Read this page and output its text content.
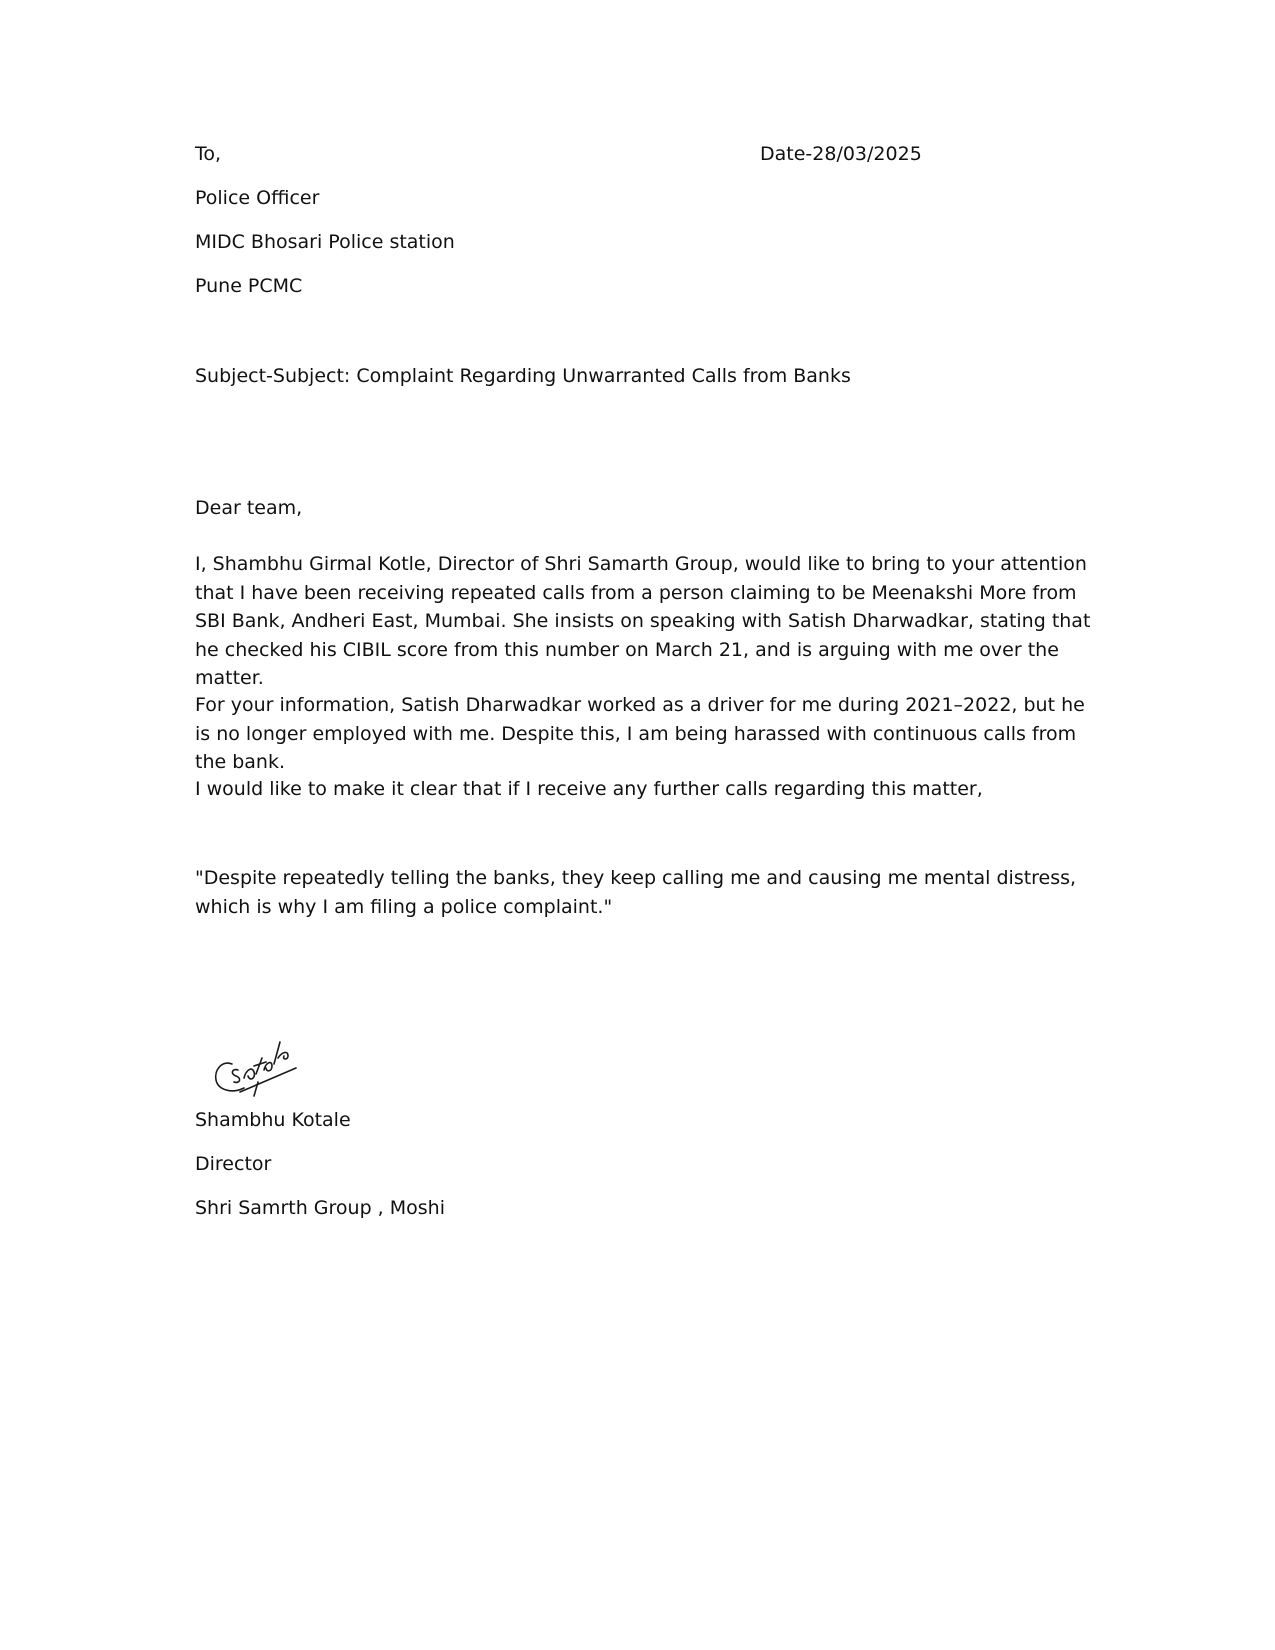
To,	Date-28/03/2025
Police Officer
MIDC Bhosari Police station
Pune PCMC
Subject-Subject: Complaint Regarding Unwarranted Calls from Banks
Dear team,
I, Shambhu Girmal Kotle, Director of Shri Samarth Group, would like to bring to your attention that I have been receiving repeated calls from a person claiming to be Meenakshi More from SBI Bank, Andheri East, Mumbai. She insists on speaking with Satish Dharwadkar, stating that he checked his CIBIL score from this number on March 21, and is arguing with me over the matter.
For your information, Satish Dharwadkar worked as a driver for me during 2021–2022, but he is no longer employed with me. Despite this, I am being harassed with continuous calls from the bank.
I would like to make it clear that if I receive any further calls regarding this matter,
"Despite repeatedly telling the banks, they keep calling me and causing me mental distress, which is why I am filing a police complaint."
Shambhu Kotale
Director
Shri Samrth Group , Moshi
